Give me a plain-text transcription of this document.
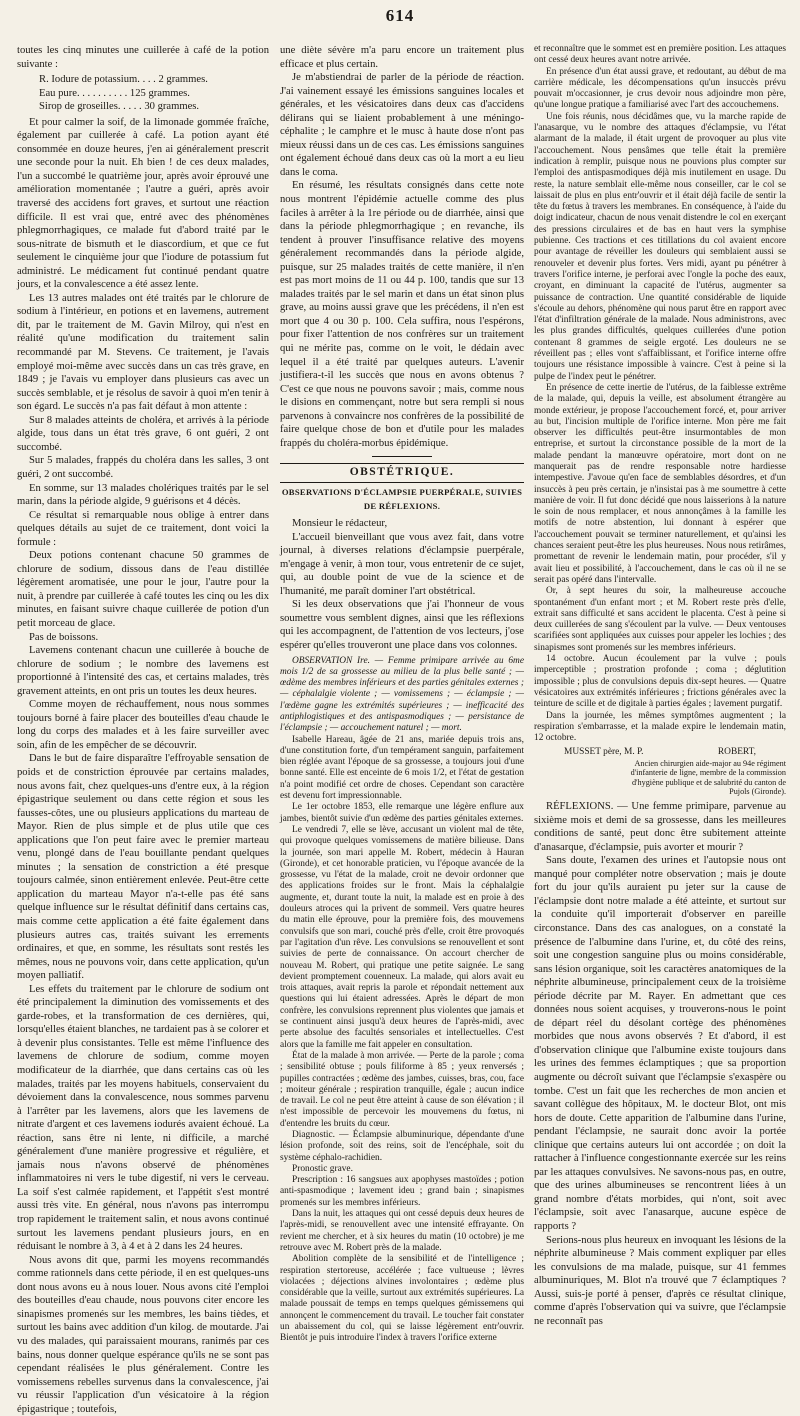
614

toutes les cinq minutes une cuillerée à café de la potion suivante :

R. Iodure de potassium. . . . 2 grammes.
Eau pure. . . . . . . . . . 125 grammes.
Sirop de groseilles. . . . . 30 grammes.

Et pour calmer la soif, de la limonade gommée fraîche, également par cuillerée à café. La potion ayant été consommée en douze heures, j'en ai généralement prescrit une seconde pour la nuit. Eh bien ! de ces deux malades, l'un a succombé le quatrième jour, après avoir éprouvé une amélioration momentanée ; l'autre a guéri, après avoir traversé des accidens fort graves, et surtout une réaction difficile. Il est vrai que, entré avec des phénomènes phlegmorrhagiques, ce malade fut d'abord traité par le sous-nitrate de bismuth et le diascordium, et que ce fut seulement le cinquième jour que l'iodure de potassium fut administré. Le médicament fut continué pendant quatre jours, et la convalescence a été assez lente.

Les 13 autres malades ont été traités par le chlorure de sodium à l'intérieur, en potions et en lavemens, autrement dit, par le traitement de M. Gavin Milroy, qui n'est en réalité qu'une modification du traitement salin recommandé par M. Stevens. Ce traitement, je l'avais employé moi-même avec succès dans un cas très grave, en 1849 ; je l'avais vu employer dans plusieurs cas avec un succès semblable, et je résolus de savoir à quoi m'en tenir à son égard. Le succès n'a pas fait défaut à mon attente :

Sur 8 malades atteints de choléra, et arrivés à la période algide, tous dans un état très grave, 6 ont guéri, 2 ont succombé.

Sur 5 malades, frappés du choléra dans les salles, 3 ont guéri, 2 ont succombé.

En somme, sur 13 malades cholériques traités par le sel marin, dans la période algide, 9 guérisons et 4 décès.

Ce résultat si remarquable nous oblige à entrer dans quelques détails au sujet de ce traitement, dont voici la formule :

Deux potions contenant chacune 50 grammes de chlorure de sodium, dissous dans de l'eau distillée légèrement aromatisée, une pour le jour, l'autre pour la nuit, à prendre par cuillerée à café toutes les cinq ou les dix minutes, en faisant suivre chaque cuillerée de potion d'un petit morceau de glace.

Pas de boissons.

Lavemens contenant chacun une cuillerée à bouche de chlorure de sodium ; le nombre des lavemens est proportionné à l'intensité des cas, et certains malades, très gravement atteints, en ont pris un toutes les deux heures.

Comme moyen de réchauffement, nous nous sommes toujours borné à faire placer des bouteilles d'eau chaude le long du corps des malades et à les faire surveiller avec soin, afin de les empêcher de se découvrir.

Dans le but de faire disparaître l'effroyable sensation de poids et de constriction éprouvée par certains malades, nous avons fait, chez quelques-uns d'entre eux, à la région épigastrique seulement ou dans cette région et sous les fausses-côtes, une ou plusieurs applications du marteau de Mayor. Rien de plus simple et de plus utile que ces applications que l'on peut faire avec le premier marteau venu, plongé dans de l'eau bouillante pendant quelques minutes ; la sensation de constriction a été presque toujours calmée, sinon entièrement enlevée. Peut-être cette application du marteau Mayor n'a-t-elle pas été sans quelque influence sur le résultat définitif dans certains cas, mais comme cette application a été faite également dans plusieurs autres cas, traités suivant les errements ordinaires, et que, en somme, les résultats sont restés les mêmes, nous ne pouvons voir, dans cette application, qu'un moyen palliatif.

Les effets du traitement par le chlorure de sodium ont été principalement la diminution des vomissements et des garde-robes, et la transformation de ces dernières, qui, lorsqu'elles étaient blanches, ne tardaient pas à se colorer et à devenir plus consistantes. Telle est même l'influence des lavemens de chlorure de sodium, comme moyen modificateur de la diarrhée, que dans certains cas où les malades, traités par les moyens habituels, conservaient du dévoiement dans la convalescence, nous sommes parvenu à l'arrêter par les lavemens, alors que les lavemens de nitrate d'argent et ces lavemens iodurés avaient échoué. La réaction, sans être ni lente, ni difficile, a marché généralement d'une manière progressive et régulière, et jamais nous n'avons observé de phénomènes inflammatoires ni vers le tube digestif, ni vers le cerveau. La soif s'est calmée rapidement, et l'appétit s'est montré aussi très vite. En général, nous n'avons pas interrompu trop rapidement le traitement salin, et nous avons continué surtout les lavemens pendant plusieurs jours, en en réduisant le nombre à 3, à 4 et à 2 dans les 24 heures.

Nous avons dit que, parmi les moyens recommandés comme rationnels dans cette période, il en est quelques-uns dont nous avons eu à nous louer. Nous avons cité l'emploi des bouteilles d'eau chaude, nous pouvons citer encore les sinapismes promenés sur les membres, les bains tièdes, et surtout les bains avec addition d'un kilog. de moutarde. J'ai vu des malades, qui paraissaient mourans, ranimés par ces bains, nous donner quelque espérance qu'ils ne se sont pas cependant réalisées le plus généralement. Contre les vomissemens rebelles survenus dans la convalescence, j'ai vu réussir l'application d'un vésicatoire à la région épigastrique ; toutefois,

une diète sévère m'a paru encore un traitement plus efficace et plus certain.

Je m'abstiendrai de parler de la période de réaction. J'ai vainement essayé les émissions sanguines locales et générales, et les vésicatoires dans deux cas d'accidens délirans qui se liaient probablement à une méningo-céphalite ; le camphre et le musc à haute dose n'ont pas mieux réussi dans un de ces cas. Les émissions sanguines ont également échoué dans deux cas où la mort a eu lieu dans le coma.

En résumé, les résultats consignés dans cette note nous montrent l'épidémie actuelle comme des plus faciles à arrêter à la 1re période ou de diarrhée, ainsi que dans la période phlegmorrhagique ; en revanche, ils tendent à prouver l'insuffisance relative des moyens généralement recommandés dans la période algide, puisque, sur 25 malades traités de cette manière, il n'en est pas mort moins de 11 ou 44 p. 100, tandis que sur 13 malades traités par le sel marin et dans un état sinon plus grave, au moins aussi grave que les précédens, il n'en est mort que 4 ou 30 p. 100. Cela suffira, nous l'espérons, pour fixer l'attention de nos confrères sur un traitement qui ne mérite pas, comme on le voit, le dédain avec lequel il a été traité par quelques auteurs. L'avenir justifiera-t-il les succès que nous en avons obtenus ? C'est ce que nous ne pouvons savoir ; mais, comme nous le disions en commençant, notre but sera rempli si nous parvenons à convaincre nos confrères de la possibilité de faire quelque chose de bon et d'utile pour les malades frappés du choléra-morbus épidémique.

OBSTÉTRIQUE.
OBSERVATIONS D'ÉCLAMPSIE PUERPÉRALE, SUIVIES DE RÉFLEXIONS.

Monsieur le rédacteur,

L'accueil bienveillant que vous avez fait, dans votre journal, à diverses relations d'éclampsie puerpérale, m'engage à venir, à mon tour, vous entretenir de ce sujet, qui, au double point de vue de la science et de l'humanité, me paraît dominer l'art obstétrical.

Si les deux observations que j'ai l'honneur de vous soumettre vous semblent dignes, ainsi que les réflexions qui les accompagnent, de l'attention de vos lecteurs, j'ose espérer qu'elles trouveront une place dans vos colonnes.

OBSERVATION Ire. — Femme primipare arrivée au 6me mois 1/2 de sa grossesse au milieu de la plus belle santé ; — œdème des membres inférieurs et des parties génitales externes ; — céphalalgie violente ; — vomissemens ; — éclampsie ; — l'œdème gagne les extrémités supérieures ; — inefficacité des antiphlogistiques et des antispasmodiques ; — persistance de l'éclampsie ; — accouchement naturel ; — mort.

Isabelle Hareau, âgée de 21 ans, mariée depuis trois ans, d'une constitution forte, d'un tempérament sanguin, parfaitement bien réglée avant l'époque de sa grossesse, a toujours joui d'une bonne santé. Elle est enceinte de 6 mois 1/2, et l'état de gestation n'a point modifié cet ordre de choses. Cependant son caractère est devenu fort impressionnable.

Le 1er octobre 1853, elle remarque une légère enflure aux jambes, bientôt suivie d'un œdème des parties génitales externes.

Le vendredi 7, elle se lève, accusant un violent mal de tête, qui provoque quelques vomissemens de matière bilieuse. Dans la journée, son mari appelle M. Robert, médecin à Hauran (Gironde), et cet honorable praticien, vu l'époque avancée de la grossesse, vu l'état de la malade, croit ne devoir ordonner que des applications froides sur le front. Mais la céphalalgie augmente, et, durant toute la nuit, la malade est en proie à des douleurs atroces qui la privent de sommeil. Vers quatre heures du matin elle éprouve, pour la première fois, des mouvemens convulsifs que son mari, couché près d'elle, croit être provoqués par l'agitation d'un rêve. Les convulsions se renouvellent et sont suivies de perte de connaissance. On accourt chercher de nouveau M. Robert, qui pratique une petite saignée. Le sang devient promptement couenneux. La malade, qui alors avait eu trois attaques, avait repris la parole et répondait nettement aux questions qui lui étaient adressées. Après le départ de mon confrère, les convulsions reprennent plus violentes que jamais et se continuent ainsi jusqu'à deux heures de l'après-midi, avec perte absolue des facultés sensoriales et intellectuelles. C'est alors que la famille me fait appeler en consultation.

État de la malade à mon arrivée. — Perte de la parole ; coma ; sensibilité obtuse ; pouls filiforme à 85 ; yeux renversés ; pupilles contractées ; œdème des jambes, cuisses, bras, cou, face ; moiteur générale ; respiration tranquille, égale ; aucun indice de travail. Le col ne peut être atteint à cause de son élévation ; il n'est impossible de percevoir les mouvemens du fœtus, ni d'entendre les bruits du cœur.

Diagnostic. — Éclampsie albuminurique, dépendante d'une lésion profonde, soit des reins, soit de l'encéphale, soit du système céphalo-rachidien.

Pronostic grave.

Prescription : 16 sangsues aux apophyses mastoïdes ; potion anti-spasmodique ; lavement ideu ; grand bain ; sinapismes promenés sur les membres inférieurs.

Dans la nuit, les attaques qui ont cessé depuis deux heures de l'après-midi, se renouvellent avec une intensité effrayante. On revient me chercher, et à six heures du matin (10 octobre) je me retrouve avec M. Robert près de la malade.

Abolition complète de la sensibilité et de l'intelligence ; respiration stertoreuse, accélérée ; face vultueuse ; lèvres violacées ; déjections alvines involontaires ; œdème plus considérable que la veille, surtout aux extrémités supérieures. La malade poussait de temps en temps quelques gémissemens qui annonçent le commencement du travail. Le toucher fait constater un abaissement du col, qui se laisse légèrement entr'ouvrir. Bientôt je puis introduire l'index à travers l'orifice externe

et reconnaître que le sommet est en première position. Les attaques ont cessé deux heures avant notre arrivée.

En présence d'un état aussi grave, et redoutant, au début de ma carrière médicale, les décompensations qu'un insuccès prévu pouvait m'occasionner, je crus devoir nous adjoindre mon père, qu'une longue pratique a familiarisé avec l'art des accouchemens.

Une fois réunis, nous décidâmes que, vu la marche rapide de l'anasarque, vu le nombre des attaques d'éclampsie, vu l'état alarmant de la malade, il était urgent de provoquer au plus vite l'accouchement. Nous pensâmes que telle était la première indication à remplir, puisque nous ne pouvions plus compter sur l'emploi des antispasmodiques déjà mis inutilement en usage. Du reste, la nature semblait elle-même nous conseiller, car le col se laissait de plus en plus entr'ouvrir et il était déjà facile de sentir la tête du fœtus à travers les membranes. En conséquence, à l'aide du doigt indicateur, chacun de nous venait distendre le col en exerçant des pressions circulaires et de bas en haut vers la symphise pubienne. Ces tractions et ces titillations du col avaient encore pour avantage de réveiller les douleurs qui semblaient aussi se renouveler et devenir plus fortes. Vers midi, ayant pu pénétrer à travers l'orifice interne, je perforai avec l'ongle la poche des eaux, croyant, en diminuant la capacité de l'utérus, augmenter sa puissance de contraction. Une quantité considérable de liquide s'écoule au dehors, phénomène qui nous parut être en rapport avec l'état d'infiltration générale de la malade. Nous administrons, avec les plus grandes difficultés, quelques cuillerées d'une potion contenant 8 grammes de seigle ergoté. Les douleurs ne se réveillent pas ; elles vont s'affaiblissant, et l'orifice interne offre toujours une résistance impossible à vaincre. C'est à peine si la pulpe de l'index peut le pénétrer.

En présence de cette inertie de l'utérus, de la faiblesse extrême de la malade, qui, depuis la veille, est absolument étrangère au monde extérieur, je propose l'accouchement forcé, et, pour arriver au but, l'incision multiple de l'orifice interne. Mon père me fait observer les difficultés peut-être insurmontables de mon entreprise, et surtout la circonstance possible de la mort de la malade pendant la manœuvre opératoire, mort dont on ne manquerait pas de rendre responsable notre hardiesse intempestive. J'avoue qu'en face de semblables désordres, et d'un insuccès à peu près certain, je n'insistai pas à me soumettre à cette manière de voir. Il fut donc décidé que nous laisserions à la nature le soin de nous remplacer, et nous annonçâmes à la famille les motifs de notre abstention, lui donnant à espérer que l'accouchement pouvait se terminer naturellement, et qu'ainsi les chances seraient peut-être les plus heureuses. Nous nous retirâmes, promettant de revenir le lendemain matin, pour procéder, s'il y avait lieu et possibilité, à l'accouchement, dans le cas où il ne se serait pas opéré dans l'intervalle.

Or, à sept heures du soir, la malheureuse accouche spontanément d'un enfant mort ; et M. Robert reste près d'elle, extrait sans difficulté et sans accident le placenta. C'est à peine si deux cuillerées de sang s'écoulent par la vulve. — Deux ventouses scarifiées sont appliquées aux cuisses pour appeler les lochies ; des sinapismes sont promenés sur les membres inférieurs.

14 octobre. Aucun écoulement par la vulve ; pouls imperceptible ; prostration profonde ; coma ; déglutition impossible ; plus de convulsions depuis dix-sept heures. — Quatre vésicatoires aux extrémités inférieures ; frictions générales avec la teinture de scille et de digitale à parties égales ; lavement purgatif.

Dans la journée, les mêmes symptômes augmentent ; la respiration s'embarrasse, et la malade expire le lendemain matin, 12 octobre.

MUSSET père, M. P.	ROBERT,
Ancien chirurgien aide-major au 94e régiment d'infanterie de ligne, membre de la commission d'hygiène publique et de salubrité du canton de Pujols (Gironde).

RÉFLEXIONS. — Une femme primipare, parvenue au sixième mois et demi de sa grossesse, dans les meilleures conditions de santé, peut donc être subitement atteinte d'anasarque, d'éclampsie, puis avorter et mourir ?

Sans doute, l'examen des urines et l'autopsie nous ont manqué pour compléter notre observation ; mais je doute fort du jour qu'ils auraient pu jeter sur la cause de l'éclampsie dont notre malade a été atteinte, et surtout sur la conduite qu'il importerait d'observer en pareille circonstance. Dans des cas analogues, on a constaté la présence de l'albumine dans l'urine, et, du côté des reins, soit une congestion sanguine plus ou moins considérable, sans lésion organique, soit les caractères anatomiques de la néphrite albumineuse, principalement ceux de la troisième période décrite par M. Rayer. En admettant que ces données nous soient acquises, y trouverons-nous le point de départ réel du désolant cortège des phénomènes morbides que nous avons observés ? Et d'abord, il est d'observation clinique que l'albumine existe toujours dans les urines des femmes éclamptiques ; que sa proportion augmente ou décroît suivant que l'éclampsie s'exaspère ou tombe. C'est un fait que les recherches de mon ancien et savant collègue des hôpitaux, M. le docteur Blot, ont mis hors de doute. Cette apparition de l'albumine dans l'urine, pendant l'éclampsie, ne saurait donc avoir la portée clinique que certains auteurs lui ont accordée ; on doit la rattacher à l'influence congestionnante exercée sur les reins par les attaques convulsives. Ne savons-nous pas, en outre, que des urines albumineuses se rencontrent liées à un grand nombre d'états morbides, qui n'ont, soit avec l'éclampsie, soit avec l'anasarque, aucune espèce de rapports ?

Serions-nous plus heureux en invoquant les lésions de la néphrite albumineuse ? Mais comment expliquer par elles les convulsions de ma malade, puisque, sur 41 femmes albuminuriques, M. Blot n'a trouvé que 7 éclamptiques ? Aussi, suis-je porté à penser, d'après ce résultat clinique, comme d'après l'observation qui va suivre, que l'éclampsie ne reconnaît pas
